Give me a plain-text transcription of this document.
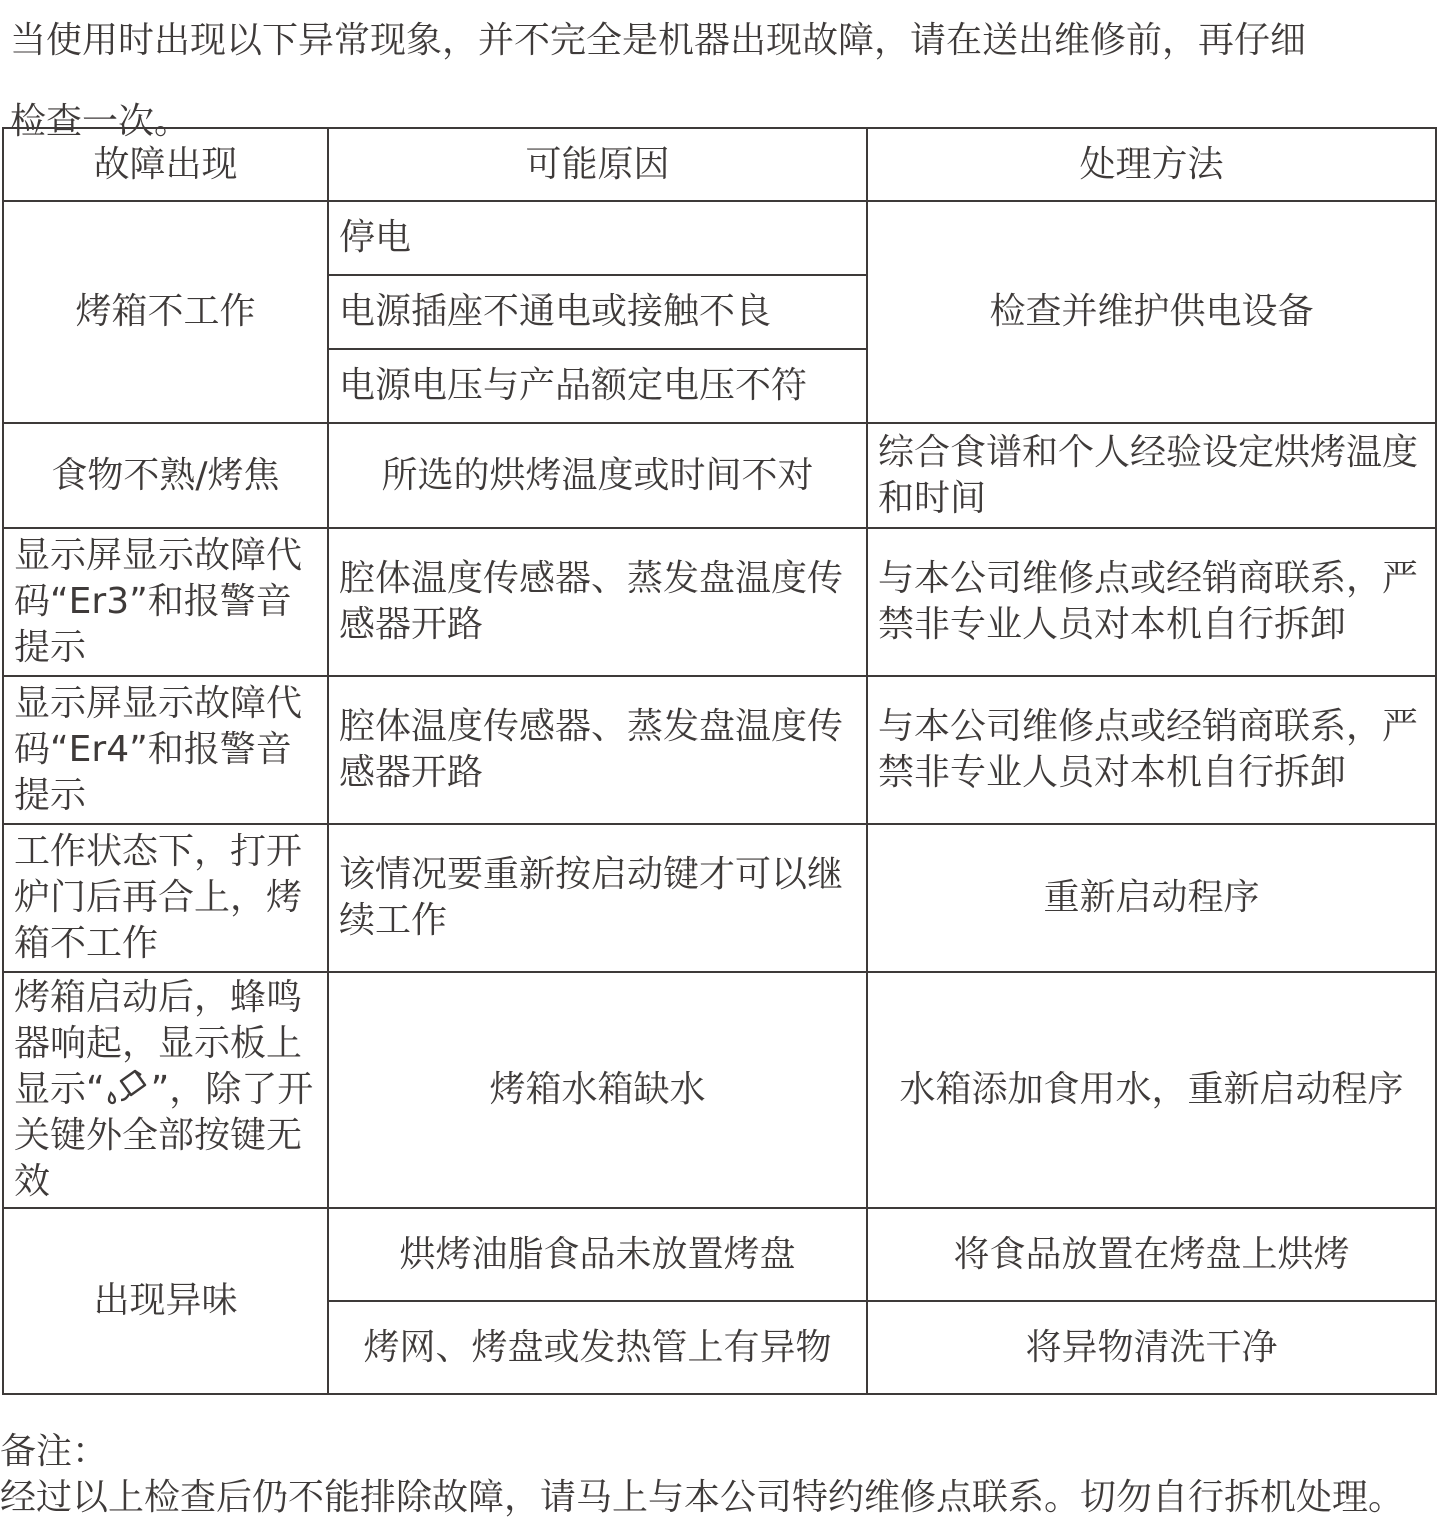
当使用时出现以下异常现象，并不完全是机器出现故障，请在送出维修前，再仔细
检查一次。
故障出现	可能原因	处理方法
烤箱不工作	停电	检查并维护供电设备
	电源插座不通电或接触不良	
	电源电压与产品额定电压不符	
食物不熟/烤焦	所选的烘烤温度或时间不对	综合食谱和个人经验设定烘烤温度和时间
显示屏显示故障代码“Er3”和报警音提示	腔体温度传感器、蒸发盘温度传感器开路	与本公司维修点或经销商联系，严禁非专业人员对本机自行拆卸
显示屏显示故障代码“Er4”和报警音提示	腔体温度传感器、蒸发盘温度传感器开路	与本公司维修点或经销商联系，严禁非专业人员对本机自行拆卸
工作状态下，打开炉门后再合上，烤箱不工作	该情况要重新按启动键才可以继续工作	重新启动程序
烤箱启动后，蜂鸣器响起，显示板上显示“ ”，除了开关键外全部按键无效	烤箱水箱缺水	水箱添加食用水，重新启动程序
出现异味	烘烤油脂食品未放置烤盘	将食品放置在烤盘上烘烤
	烤网、烤盘或发热管上有异物	将异物清洗干净
备注：
经过以上检查后仍不能排除故障，请马上与本公司特约维修点联系。切勿自行拆机处理。
